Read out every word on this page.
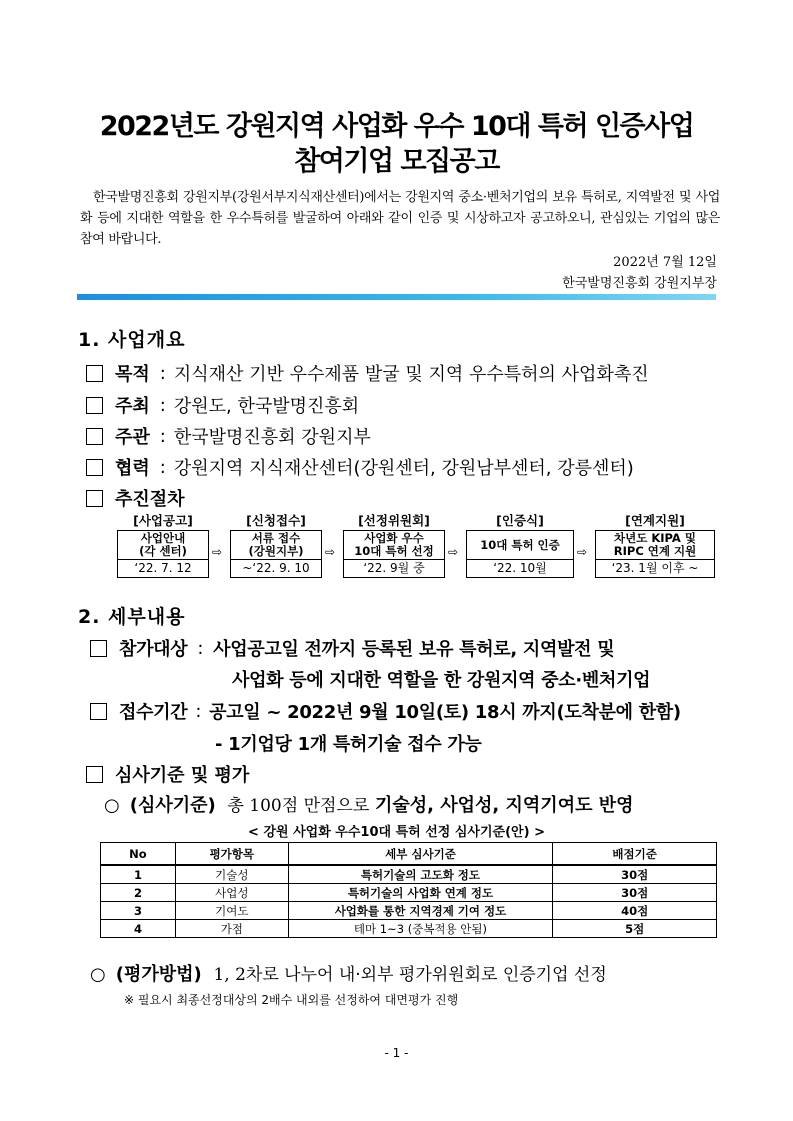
2022년도 강원지역 사업화 우수 10대 특허 인증사업
참여기업 모집공고
한국발명진흥회 강원지부(강원서부지식재산센터)에서는 강원지역 중소·벤처기업의 보유 특허로, 지역발전 및 사업화 등에 지대한 역할을 한 우수특허를 발굴하여 아래와 같이 인증 및 시상하고자 공고하오니, 관심있는 기업의 많은 참여 바랍니다.
2022년 7월 12일
한국발명진흥회 강원지부장
1. 사업개요
목적 : 지식재산 기반 우수제품 발굴 및 지역 우수특허의 사업화촉진
주최 : 강원도, 한국발명진흥회
주관 : 한국발명진흥회 강원지부
협력 : 강원지역 지식재산센터(강원센터, 강원남부센터, 강릉센터)
추진절차
[사업공고]
사업안내
(각 센터)
‘22. 7. 12
⇨
[신청접수]
서류 접수
(강원지부)
~‘22. 9. 10
⇨
[선정위원회]
사업화 우수
10대 특허 선정
‘22. 9월 중
⇨
[인증식]
10대 특허 인증
‘22. 10월
⇨
[연계지원]
차년도 KIPA 및
RIPC 연계 지원
‘23. 1월 이후 ~
2. 세부내용
참가대상 : 사업공고일 전까지 등록된 보유 특허로, 지역발전 및
사업화 등에 지대한 역할을 한 강원지역 중소·벤처기업
접수기간 : 공고일 ~ 2022년 9월 10일(토) 18시 까지(도착분에 한함)
- 1기업당 1개 특허기술 접수 가능
심사기준 및 평가
○ (심사기준) 총 100점 만점으로 기술성, 사업성, 지역기여도 반영
< 강원 사업화 우수10대 특허 선정 심사기준(안) >
No	평가항목	세부 심사기준	배점기준
1	기술성	특허기술의 고도화 정도	30점
2	사업성	특허기술의 사업화 연계 정도	30점
3	기여도	사업화를 통한 지역경제 기여 정도	40점
4	가점	테마 1~3 (중복적용 안됨)	5점
○ (평가방법) 1, 2차로 나누어 내·외부 평가위원회로 인증기업 선정
※ 필요시 최종선정대상의 2배수 내외를 선정하여 대면평가 진행
- 1 -
